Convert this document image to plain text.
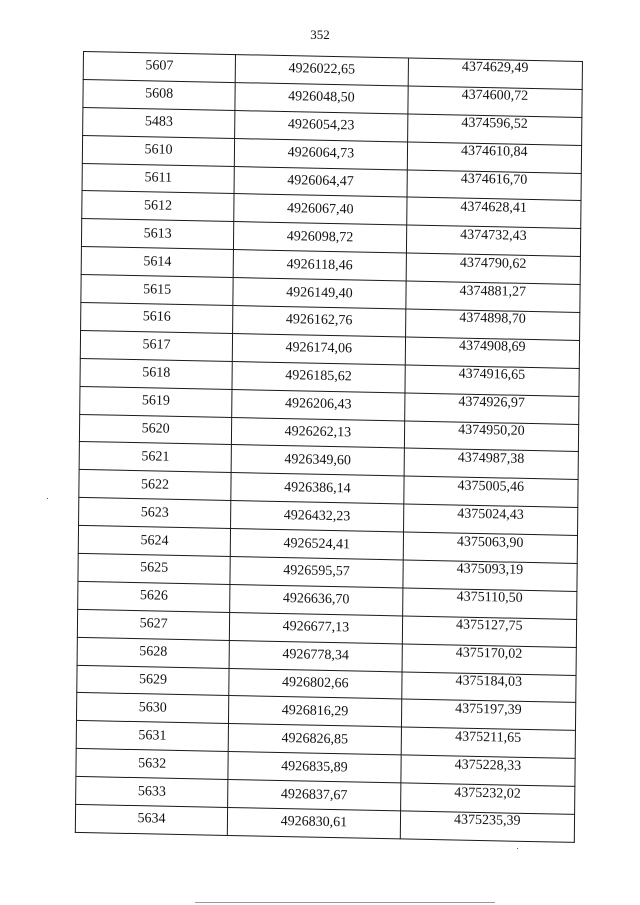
352
5607	4926022,65	4374629,49
5608	4926048,50	4374600,72
5483	4926054,23	4374596,52
5610	4926064,73	4374610,84
5611	4926064,47	4374616,70
5612	4926067,40	4374628,41
5613	4926098,72	4374732,43
5614	4926118,46	4374790,62
5615	4926149,40	4374881,27
5616	4926162,76	4374898,70
5617	4926174,06	4374908,69
5618	4926185,62	4374916,65
5619	4926206,43	4374926,97
5620	4926262,13	4374950,20
5621	4926349,60	4374987,38
5622	4926386,14	4375005,46
5623	4926432,23	4375024,43
5624	4926524,41	4375063,90
5625	4926595,57	4375093,19
5626	4926636,70	4375110,50
5627	4926677,13	4375127,75
5628	4926778,34	4375170,02
5629	4926802,66	4375184,03
5630	4926816,29	4375197,39
5631	4926826,85	4375211,65
5632	4926835,89	4375228,33
5633	4926837,67	4375232,02
5634	4926830,61	4375235,39
